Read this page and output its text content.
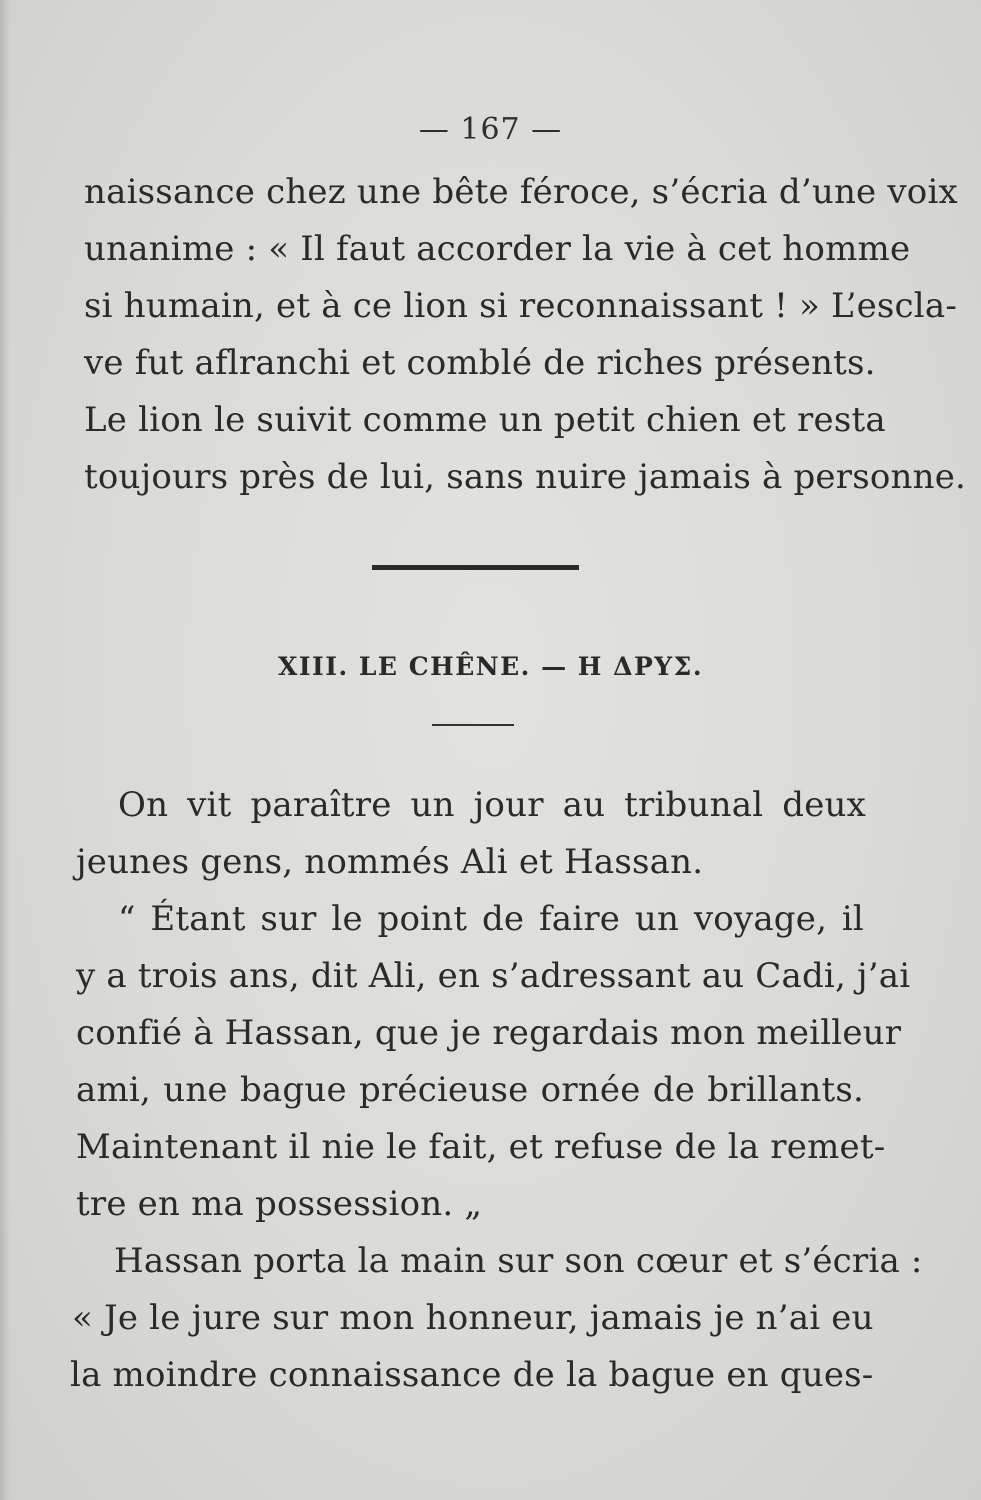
— 167 —
naissance chez une bête féroce, s’écria d’une voix
unanime : « Il faut accorder la vie à cet homme
si humain, et à ce lion si reconnaissant ! » L’escla-
ve fut aflranchi et comblé de riches présents.
Le lion le suivit comme un petit chien et resta
toujours près de lui, sans nuire jamais à personne.
XIII. LE CHÊNE. — Η ΔΡΥΣ.
On vit paraître un jour au tribunal deux
jeunes gens, nommés Ali et Hassan.
“ Étant sur le point de faire un voyage, il
y a trois ans, dit Ali, en s’adressant au Cadi, j’ai
confié à Hassan, que je regardais mon meilleur
ami, une bague précieuse ornée de brillants.
Maintenant il nie le fait, et refuse de la remet-
tre en ma possession. „
Hassan porta la main sur son cœur et s’écria :
« Je le jure sur mon honneur, jamais je n’ai eu
la moindre connaissance de la bague en ques-
